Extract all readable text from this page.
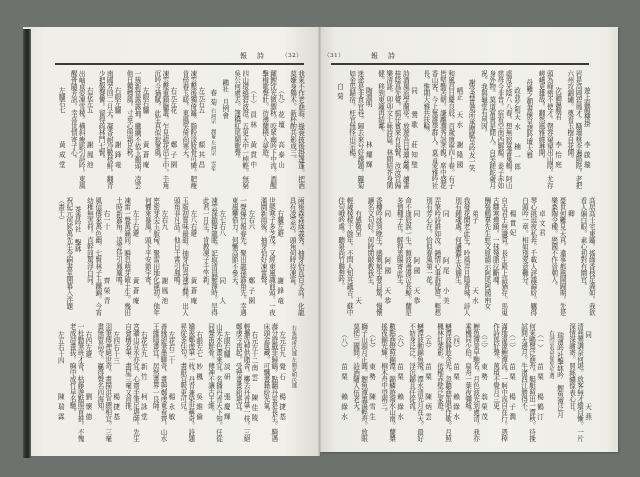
詩報 （32）	（31）	詩報
我來不作老漁翁。綠蓑披後掛篷蓬。把酒
莫嫌身獨木。新杯酌共影成三。
（九）
花壇　高泰山
躍鯉沈光微禦秋。咬眾幽吟下中流。酒醒
擊楫歌聲壯。彷彿蘭橈入夢遊。
（十）
員林　黃貫中
四山環繞碧波澄。五更天中一棹輕。無窮
吳公何處去。篷橋紅尾鬧歌聲。
鷗社　月例會
春菊
左詞宗　雪峯
右詞宗　潤菴
左元右五
顏其昌
凍雲壓後獨倚籬。脂粉淡妝骨可憐。肥瘦
肯傍春玉暖。東風笑倚尚寒天。
右元左花
鄭子園
凍雲壓重鎖臘叢。乍見疏花出土中。圭角
沉吟今猶賦。此生真似寂寥風。
左眼右臚
黃蒼庵
一簇新當露露抽。纖纖不依玉顏頭。凌雲
他日獨標風。寸莖心照霜足秋。
右眼左臚
謝鋒竜
南國芳回二月天。凝香耐冷數枝鮮。翻青
少把盤餐憐。留得疏林鬥七賢。
右花左五
謝鳳池
出岫貞姿凍雪稜。橫斜瘦影引詩吟。東風
醒骨隨芳訊。幸喜世情寄子心。
左臚右七
黃成堂
兩後森森綠義秀。抽芽恰直百丈高。化龍
具有凌雲志。頭角何時待凍雷。
右臚左避
謝鋒竜
世態寒子多芝茂。又經東風識前頭。一夜
滿園新雨後。抽芽恰好凍雷聲。
左右六
鄭子園
一聲爆竹報春先。聚田龍孫露角先。幸遇
東風攀借力。何慚高節不參天。
左七右八
同　人
凍雲深鎖籜龍眠。記取清晨解籜時。早得
此君一月生。肯教凍子千竿新。
左八右避
黃蒼庵
玉版初嘗味最甜。抽芽恰喜凍雲開。出人
頭角非凡品。他日干霄引鳳鳴。
左右九
謝鳳池
密密芽尖玉版甸。聚雷田地化龍初。他年
何懼來暴風。頭下平安節宇寄。
左十右避
黃蒼庵
凍雷一聲萬籟同。瞬息萌芽破土生。幾田
土時新露角。凌雲待引鳳凰鳴。
右一十
齊榮青
風信傳來萬色幽。七賢林子玉鐵錦。今宵
幼稚無害荷。直幹同驚浮白同。
茶香吟社　擊缽
祝紀元何欽萬先生令嗣書室開幕入泮題
（畫士）
左劉克明氏選
右張純甫氏選
左元右九
覺石　楊捷基
壽分遊戲菲歸鶴。點翻丹室是長生。騎遇
床頭金篋藏。可飄書籍紛光氣。
右元左十二
南雲　陳佳陵
輕攜洗棹供賭舍。擲去丹青筆一枝。三絕
鄭虔今再起。受殃書畫鉛堪宜。
左眼右臚
淡研　張慶輝
山光水色畫來宜。名播丹青天下知。任從
同聲笛鮮骨。傳神不讓古王維。
右眼左七
妙楓　吳維倫
嬌羨鄭虔筆一枝。丹青兼染世稱奇。詩題
昇從多佳句。畫紙宜吸更可兒。
左花右二十
楊永敏
善緣卻筆墨聯奇。畫與鄭虔東看齊。山水
王維隱書宜。居然畫界一良師。
右花左九
新竹　柯詠堂
宮牆山宜水亦宜。心齋手筆足堪師。先生
自會稱名筆。畫屋三毫又首推。
左四右十三
楊捷基
羽筆傳神絕世奇。畫描洪宣總相宜。三毫
畫無曾高寺。贏得聲名四海知。
右四左避
劉懷德
一杜勤筆班才奇。枯藤遊點照首推。不愧
老成詩畫拔。胸中成竹早名馳。
左五右十四
陳瑞霖
遊上瀛顏樓掛
李啟璇
岩是高岡碧鳳才。騷壇桃李遍階陛。老把
六州攻錦繡。奠看玉樹自花開。
次韻瀛顏君
李怡庭
頭為峰巒不使才。罄容窺窺出山隈。尤存
嵯峨更雄哉。翻然風雅繞琳開。
母難之朝書懷呈諸吟壇大雅
政並乞和
天水　楠一郎
虛度光陰八八春。想無寂寞書巢鶴。阿山
慈母今非昔。宿宥空南西解顏。姜子赤如
身外物。莫道富貴是閒人。自笑蹉跎歲月
祝。我與龜堂有夙因。
謝受森貴還所承贈賦呈吟友一笑
哂正
天水　謝隆國
和風昌日慶良辰。百歲康寧四十春。有子
皆堅勤苦朝。謙離潤秀訊孝親。席中盛花
香山客。今上無誰學群人。莫言愛雅吟社
長。惟期大雅共扶輪。
同
鶯歌　莊知璧
詩酒風流學蘭亭。放遊吾日蒲雲籬。讀書
桂陰爲先覺。綰仔賓來有長賢。汝汝官歸
樂清詠。卯卯文士咏詩篇。林間結芥身閑
健。移到東籬再結鄰。
陶淵明
林耀輝
迷途是非貪官巷。歸去來兮好課題。隴菊
如金馬歸宿。枉官無怪田宗楊。
白菊
高居高士宅東籬。搖綠香枝足義如。我欲
看人偏白眼。素心初對有園官。
卿
憂世何難見天真。違事都風鬧歸期。先是
樂桑陶令種。戀國不作晉朝人。
卓文君
琴心挑逗夜私奔。千載人評議論紛。羈得
白頭吟一章。相如別愛意難分。
楊貴妃
自古君王無識貨。長生殿上語猶存。馬嵬
古驛寒煙鎖。一抹殘脂泣斷魂。
酬張鶴羣先生蛀文原韻示阿尾阿國兩女
弟子
天水
我發花開老此生。吟風弄月隱香城。詩人
別有鍾魂處。何讓蠹生及簡生。
同
阿尾　小美
弄筆吟詩誰如汝。鍾情心事訴琵琶。輕愁
別有芳心在。恰似春風第一花。
同
阿國　天恭
命不逢辰誤一生。頹波漫漫泣長鯨。蘭是
多情種子在。解得衷腸寄此生。
同
阿國　天恭
香樓吟詠到晚生。感慨頻生發自驚。慢懷
讀名文句好。何時閒敲教我生。
有感敬呈
天
輕歲棱棱十餘年。不問人知其識否。蘇中
佳句哦吟處。聽泉尚竹聯想吟。
同
天燕
清燕鶯調奈何堪。放客無才縱自慚。一片
深情深謝寄。買絲繡像表心甘。
瑞濱吟社擊缽吟　鯉魚潭泛月
右詞宗吳景箕先生選
（一）
苗栗　楊鶴汀
何來鷗鷺泛漁舟。艇艇照出一潭秋。待挽
試問天邊月。牛渚西江勝得不。
（二）
苗栗　楊子潤
滿地濛濛鯉潭流。一舸中流自在行。憑棹
作詩郎好聲。萬頃不覺月三更。
（三）
東勢　翁榮茂
鯉魚潭景早馳名。月色波光到處清。我亦
乘機同少伯。扁舟一葉夜彌城。
（四）
苗栗　賴綠水
鰱潭波靜趁含光。忽聽漁笛唱作歌。月照
楓林紅葉影。依稀赤壁泛家遊。
（五）
苗栗　陳炳雲
鰱潭波動錦魚飛。潭水清光月在天。最好
不妨身泛泛。浮沉錦且任從流。
（六）
苗栗　賴綠水
數點漁燈照錦潭。錦鱗遊潑水山南。蘭槳
搖夜錦光輝。桐木舟中望兩三。
（七）
東勢　陳雪生
獅子山頭月正圓。鯉魚潭裏蕩輕舟。放眼
莫把三國問。詩酒隨人伍老天。
（八）
苗栗　賴綠水
